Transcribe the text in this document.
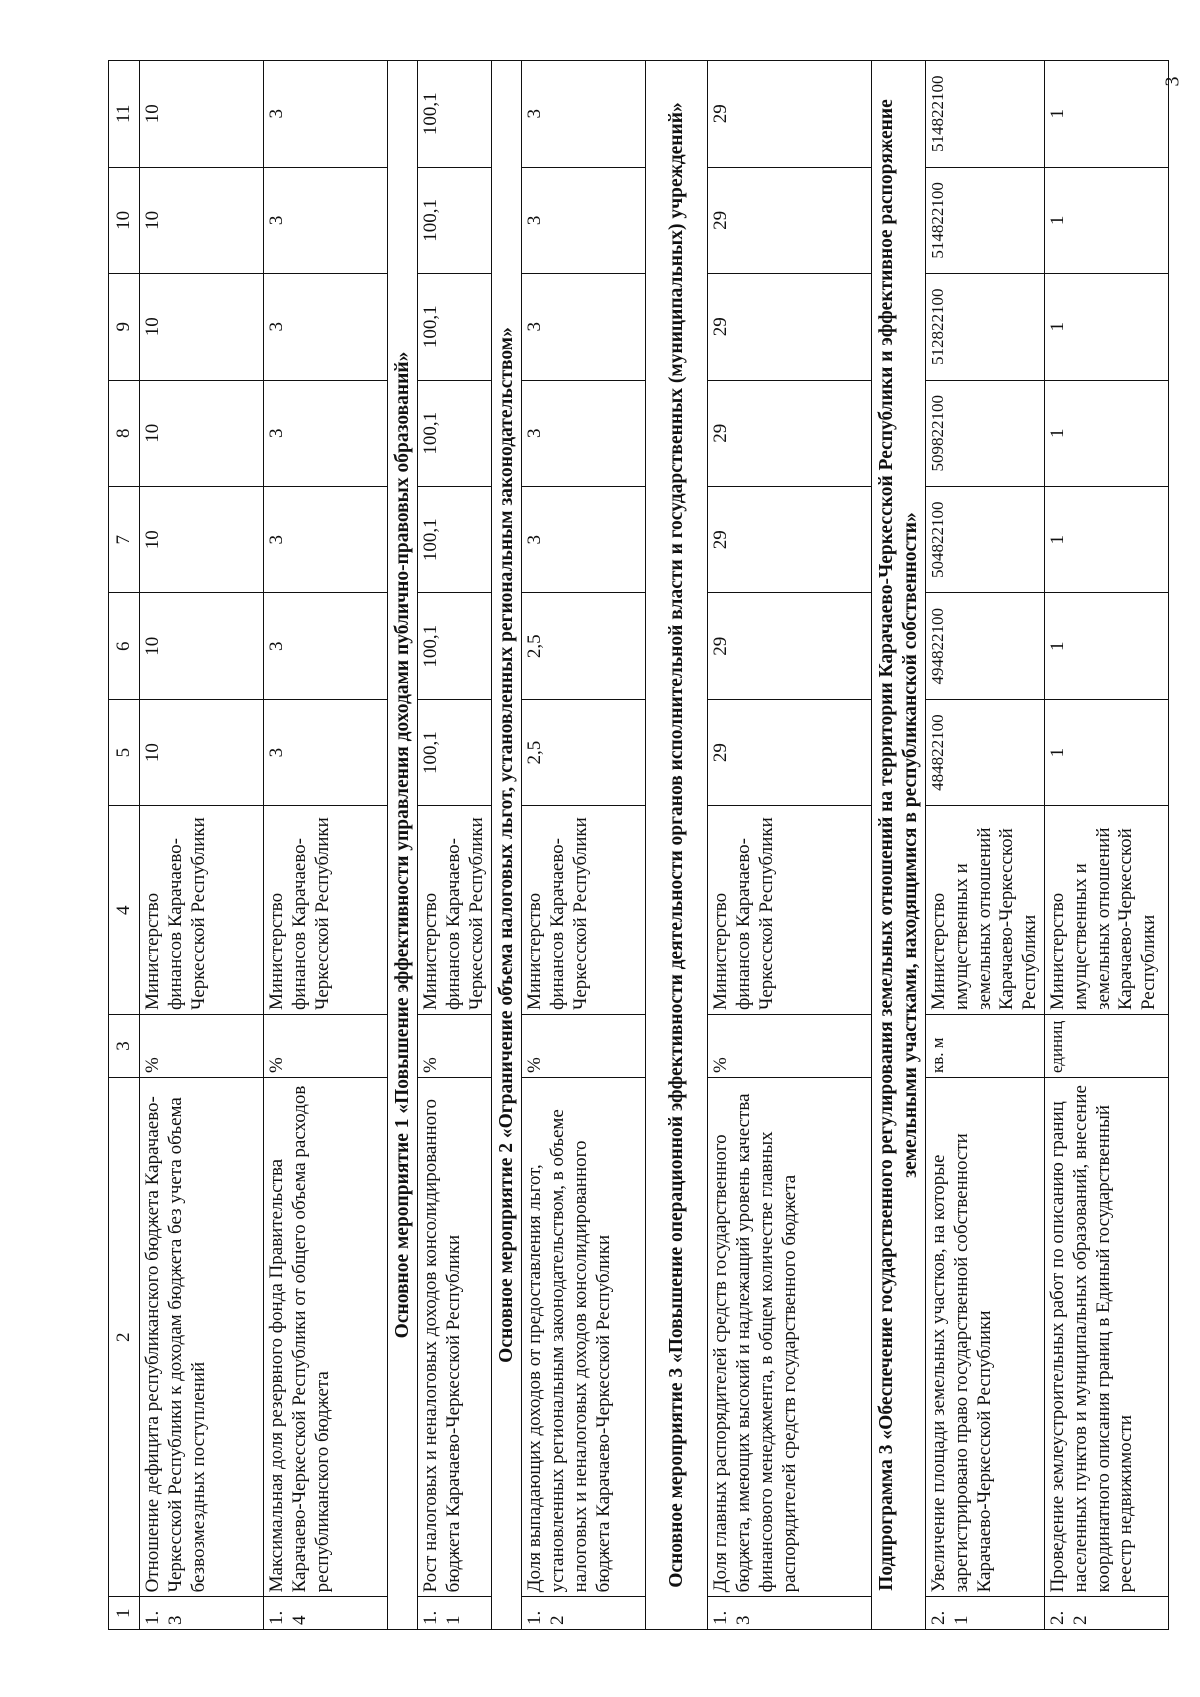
3
1	2	3	4	5	6	7	8	9	10	11
1.3	Отношение дефицита республиканского бюджета Карачаево-Черкесской Республики к доходам бюджета без учета объема безвозмездных поступлений	%	Министерство финансов Карачаево-Черкесской Республики	10	10	10	10	10	10	10
1.4	Максимальная доля резервного фонда Правительства Карачаево-Черкесской Республики от общего объема расходов республиканского бюджета	%	Министерство финансов Карачаево-Черкесской Республики	3	3	3	3	3	3	3
Основное мероприятие 1 «Повышение эффективности управления доходами публично-правовых образований»										
1.1	Рост налоговых и неналоговых доходов консолидированного бюджета Карачаево-Черкесской Республики	%	Министерство финансов Карачаево-Черкесской Республики	100,1	100,1	100,1	100,1	100,1	100,1	100,1
Основное мероприятие 2 «Ограничение объема налоговых льгот, установленных региональным законодательством»										
1.2	Доля выпадающих доходов от предоставления льгот, установленных региональным законодательством, в объеме налоговых и неналоговых доходов консолидированного бюджета Карачаево-Черкесской Республики	%	Министерство финансов Карачаево-Черкесской Республики	2,5	2,5	3	3	3	3	3
Основное мероприятие 3 «Повышение операционной эффективности деятельности органов исполнительной власти и государственных (муниципальных) учреждений»										
1.3	Доля главных распорядителей средств государственного бюджета, имеющих высокий и надлежащий уровень качества финансового менеджмента, в общем количестве главных распорядителей средств государственного бюджета	%	Министерство финансов Карачаево-Черкесской Республики	29	29	29	29	29	29	29
Подпрограмма 3 «Обеспечение государственного регулирования земельных отношений на территории Карачаево-Черкесской Республики и эффективное распоряжение земельными участками, находящимися в республиканской собственности»										
2.1	Увеличение площади земельных участков, на которые зарегистрировано право государственной собственности Карачаево-Черкесской Республики	кв. м	Министерство имущественных и земельных отношений Карачаево-Черкесской Республики	484822100	494822100	504822100	509822100	512822100	514822100	514822100
2.2	Проведение землеустроительных работ по описанию границ населенных пунктов и муниципальных образований, внесение координатного описания границ в Единый государственный реестр недвижимости	единиц	Министерство имущественных и земельных отношений Карачаево-Черкесской Республики	1	1	1	1	1	1	1
